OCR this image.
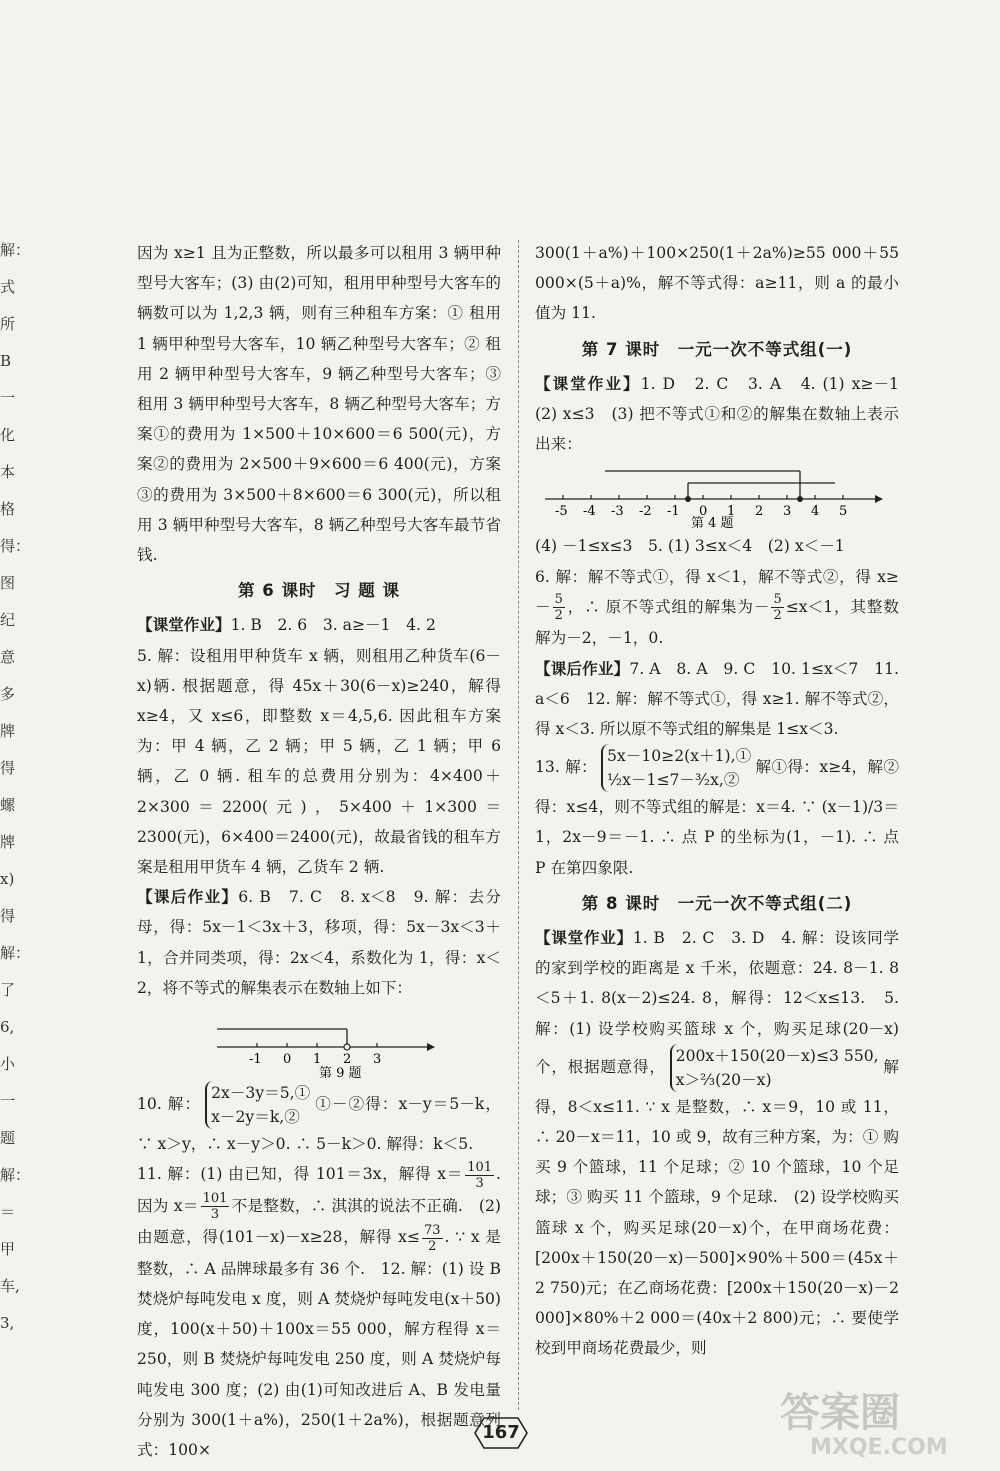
解：
式
所
B
一
化
本
格
得：
图
纪
意
多
牌
得
螺
牌
x)
得
解：
了
6,
小
一
题
解：
＝
甲
车,
3,

因为 x≥1 且为正整数，所以最多可以租用 3 辆甲种型号大客车；(3) 由(2)可知，租用甲种型号大客车的辆数可以为 1,2,3 辆，则有三种租车方案：① 租用 1 辆甲种型号大客车，10 辆乙种型号大客车；② 租用 2 辆甲种型号大客车，9 辆乙种型号大客车；③ 租用 3 辆甲种型号大客车，8 辆乙种型号大客车；方案①的费用为 1×500＋10×600＝6 500(元)，方案②的费用为 2×500＋9×600＝6 400(元)，方案③的费用为 3×500＋8×600＝6 300(元)，所以租用 3 辆甲种型号大客车，8 辆乙种型号大客车最节省钱.

第 6 课时　习 题 课

【课堂作业】1. B　2. 6　3. a≥－1　4. 2

5. 解：设租用甲种货车 x 辆，则租用乙种货车(6－x)辆. 根据题意，得 45x＋30(6－x)≥240，解得 x≥4，又 x≤6，即整数 x＝4,5,6. 因此租车方案为：甲 4 辆，乙 2 辆；甲 5 辆，乙 1 辆；甲 6 辆，乙 0 辆. 租车的总费用分别为：4×400＋2×300＝2200(元)，5×400＋1×300＝2300(元)，6×400＝2400(元)，故最省钱的租车方案是租用甲货车 4 辆，乙货车 2 辆.

【课后作业】6. B　7. C　8. x＜8　9. 解：去分母，得：5x－1＜3x＋3，移项，得：5x－3x＜3＋1，合并同类项，得：2x＜4，系数化为 1，得：x＜2，将不等式的解集表示在数轴上如下：

-1 0 1 2 3
第 9 题

10. 解：
2x－3y＝5,①
x－2y＝k,②
①－②得：x－y＝5－k，∵ x＞y，∴ x－y＞0. ∴ 5－k＞0. 解得：k＜5.

11. 解：(1) 由已知，得 101＝3x，解得 $x= \frac{101}{3}$ . 因为 $x= \frac{101}{3}$ 不是整数，∴ 淇淇的说法不正确.　(2) 由题意，得(101－x)－x≥28，解得 $x\le \frac{73}{2}$ . ∵ x 是整数，∴ A 品牌球最多有 36 个.　12. 解：(1) 设 B 焚烧炉每吨发电 x 度，则 A 焚烧炉每吨发电(x＋50)度，100(x＋50)＋100x＝55 000，解方程得 x＝250，则 B 焚烧炉每吨发电 250 度，则 A 焚烧炉每吨发电 300 度；(2) 由(1)可知改进后 A、B 发电量分别为 300(1＋a%)，250(1＋2a%)，根据题意列式：100×

300(1＋a%)＋100×250(1＋2a%)≥55 000＋55 000×(5＋a)%，解不等式得：a≥11，则 a 的最小值为 11.

第 7 课时　一元一次不等式组(一)

【课堂作业】1. D　2. C　3. A　4. (1) x≥－1　(2) x≤3　(3) 把不等式①和②的解集在数轴上表示出来：

-5 -4 -3 -2 -1 0 1 2 3 4 5
第 4 题

(4) －1≤x≤3　5. (1) 3≤x＜4　(2) x＜－1

6. 解：解不等式①，得 x＜1，解不等式②，得 $x\ge- \frac{5}{2}$ ，∴ 原不等式组的解集为－ $\frac{5}{2} \le x<1$，其整数解为－2，－1，0.

【课后作业】7. A　8. A　9. C　10. 1≤x＜7　11. a＜6　12. 解：解不等式①，得 x≥1. 解不等式②，得 x＜3. 所以原不等式组的解集是 1≤x＜3.

13. 解：
5x－10≥2(x＋1),①
½x－1≤7－³⁄₂x,②
解①得：x≥4，解②得：x≤4，则不等式组的解是：x＝4. ∵ (x－1)/3＝1，2x－9＝－1. ∴ 点 P 的坐标为(1，－1). ∴ 点 P 在第四象限.

第 8 课时　一元一次不等式组(二)

【课堂作业】1. B　2. C　3. D　4. 解：设该同学的家到学校的距离是 x 千米，依题意：24. 8－1. 8＜5＋1. 8(x－2)≤24. 8，解得：12＜x≤13.　5. 解：(1) 设学校购买篮球 x 个，购买足球(20－x)个，根据题意得，
200x＋150(20－x)≤3 550,
x＞⅔(20－x)
解得，8＜x≤11. ∵ x 是整数，∴ x＝9，10 或 11，∴ 20－x＝11，10 或 9，故有三种方案，为：① 购买 9 个篮球，11 个足球；② 10 个篮球，10 个足球；③ 购买 11 个篮球，9 个足球.　(2) 设学校购买篮球 x 个，购买足球(20－x)个，在甲商场花费：[200x＋150(20－x)－500]×90%＋500＝(45x＋2 750)元；在乙商场花费：[200x＋150(20－x)－2 000]×80%＋2 000＝(40x＋2 800)元；∴ 要使学校到甲商场花费最少，则

167	答案圈
MXQE.COM
